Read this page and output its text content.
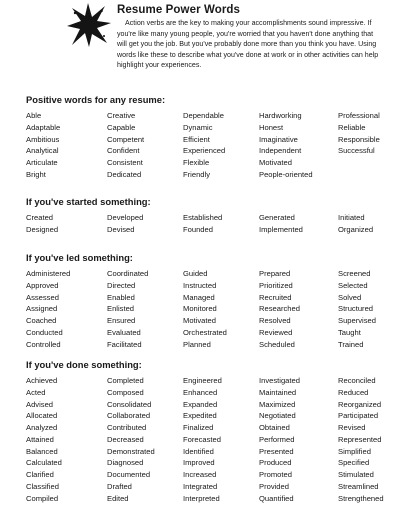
Resume Power Words
Action verbs are the key to making your accomplishments sound impressive. If you're like many young people, you're worried that you haven't done anything that will get you the job. But you've probably done more than you think you have. Using words like these to describe what you've done at work or in other activities can help highlight your experiences.
Positive words for any resume:
Able	Creative	Dependable	Hardworking	Professional
Adaptable	Capable	Dynamic	Honest	Reliable
Ambitious	Competent	Efficient	Imaginative	Responsible
Analytical	Confident	Experienced	Independent	Successful
Articulate	Consistent	Flexible	Motivated
Bright	Dedicated	Friendly	People-oriented
If you've started something:
Created	Developed	Established	Generated	Initiated
Designed	Devised	Founded	Implemented	Organized
If you've led something:
Administered	Coordinated	Guided	Prepared	Screened
Approved	Directed	Instructed	Prioritized	Selected
Assessed	Enabled	Managed	Recruited	Solved
Assigned	Enlisted	Monitored	Researched	Structured
Coached	Ensured	Motivated	Resolved	Supervised
Conducted	Evaluated	Orchestrated	Reviewed	Taught
Controlled	Facilitated	Planned	Scheduled	Trained
If you've done something:
Achieved	Completed	Engineered	Investigated	Reconciled
Acted	Composed	Enhanced	Maintained	Reduced
Advised	Consolidated	Expanded	Maximized	Reorganized
Allocated	Collaborated	Expedited	Negotiated	Participated
Analyzed	Contributed	Finalized	Obtained	Revised
Attained	Decreased	Forecasted	Performed	Represented
Balanced	Demonstrated	Identified	Presented	Simplified
Calculated	Diagnosed	Improved	Produced	Specified
Clarified	Documented	Increased	Promoted	Stimulated
Classified	Drafted	Integrated	Provided	Streamlined
Compiled	Edited	Interpreted	Quantified	Strengthened
